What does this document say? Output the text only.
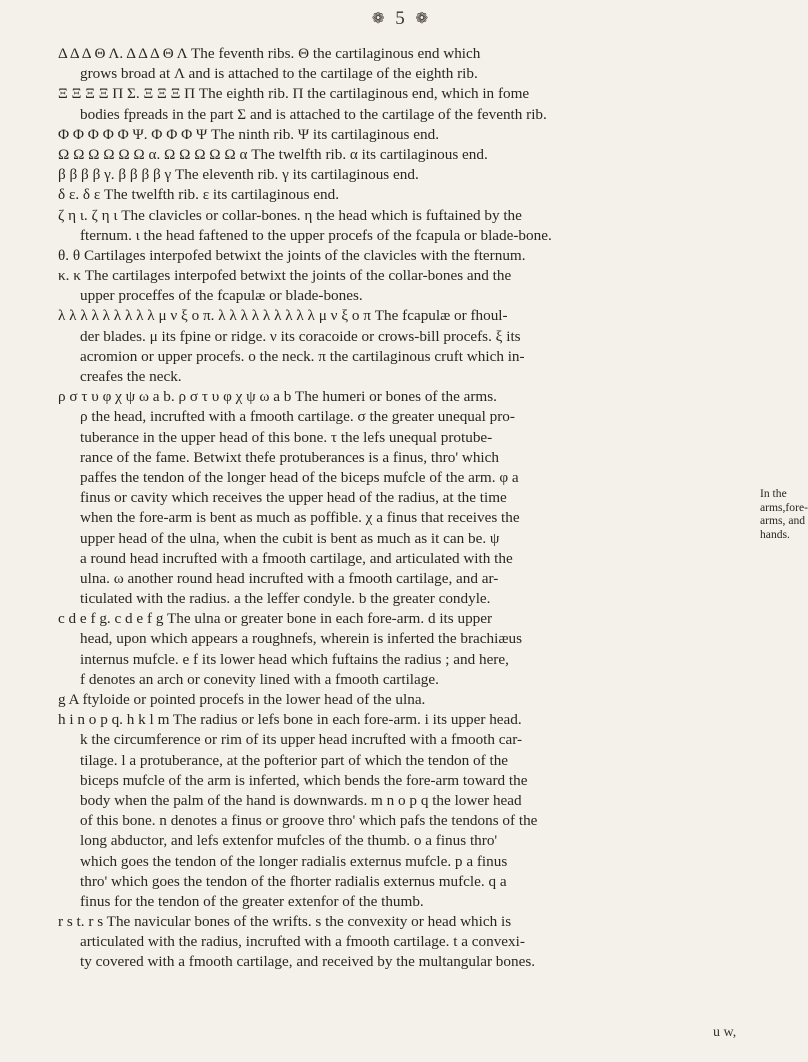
❁ 5 ❁
Δ Δ Δ Θ Λ. Δ Δ Δ Θ Λ The feventh ribs. Θ the cartilaginous end which
grows broad at Λ and is attached to the cartilage of the eighth rib.
Ξ Ξ Ξ Ξ Π Σ. Ξ Ξ Ξ Π The eighth rib. Π the cartilaginous end, which in fome
bodies fpreads in the part Σ and is attached to the cartilage of the feventh rib.
Φ Φ Φ Φ Φ Ψ. Φ Φ Φ Ψ The ninth rib. Ψ its cartilaginous end.
Ω Ω Ω Ω Ω Ω α. Ω Ω Ω Ω Ω α The twelfth rib. α its cartilaginous end.
β β β β γ. β β β β γ The eleventh rib. γ its cartilaginous end.
δ ε. δ ε The twelfth rib. ε its cartilaginous end.
ζ η ι. ζ η ι The clavicles or collar-bones. η the head which is fuftained by the
fternum. ι the head faftened to the upper procefs of the fcapula or blade-bone.
θ. θ Cartilages interpofed betwixt the joints of the clavicles with the fternum.
κ. κ The cartilages interpofed betwixt the joints of the collar-bones and the
upper proceffes of the fcapulæ or blade-bones.
λ λ λ λ λ λ λ λ λ μ ν ξ ο π. λ λ λ λ λ λ λ λ λ μ ν ξ ο π The fcapulæ or fhoul-
der blades. μ its fpine or ridge. ν its coracoide or crows-bill procefs. ξ its
acromion or upper procefs. ο the neck. π the cartilaginous cruft which in-
creafes the neck.
ρ σ τ υ φ χ ψ ω a b. ρ σ τ υ φ χ ψ ω a b The humeri or bones of the arms.
ρ the head, incrufted with a fmooth cartilage. σ the greater unequal pro-
tuberance in the upper head of this bone. τ the lefs unequal protube-
rance of the fame. Betwixt thefe protuberances is a finus, thro' which
paffes the tendon of the longer head of the biceps mufcle of the arm. φ a
finus or cavity which receives the upper head of the radius, at the time
when the fore-arm is bent as much as poffible. χ a finus that receives the
upper head of the ulna, when the cubit is bent as much as it can be. ψ
a round head incrufted with a fmooth cartilage, and articulated with the
ulna. ω another round head incrufted with a fmooth cartilage, and ar-
ticulated with the radius. a the leffer condyle. b the greater condyle.
c d e f g. c d e f g The ulna or greater bone in each fore-arm. d its upper
head, upon which appears a roughnefs, wherein is inferted the brachiæus
internus mufcle. e f its lower head which fuftains the radius ; and here,
f denotes an arch or conevity lined with a fmooth cartilage.
g A ftyloide or pointed procefs in the lower head of the ulna.
h i n o p q. h k l m The radius or lefs bone in each fore-arm. i its upper head.
k the circumference or rim of its upper head incrufted with a fmooth car-
tilage. l a protuberance, at the pofterior part of which the tendon of the
biceps mufcle of the arm is inferted, which bends the fore-arm toward the
body when the palm of the hand is downwards. m n o p q the lower head
of this bone. n denotes a finus or groove thro' which pafs the tendons of the
long abductor, and lefs extenfor mufcles of the thumb. o a finus thro'
which goes the tendon of the longer radialis externus mufcle. p a finus
thro' which goes the tendon of the fhorter radialis externus mufcle. q a
finus for the tendon of the greater extenfor of the thumb.
r s t. r s The navicular bones of the wrifts. s the convexity or head which is
articulated with the radius, incrufted with a fmooth cartilage. t a convexi-
ty covered with a fmooth cartilage, and received by the multangular bones.
In the
arms,fore-
arms, and
hands.
u w,
